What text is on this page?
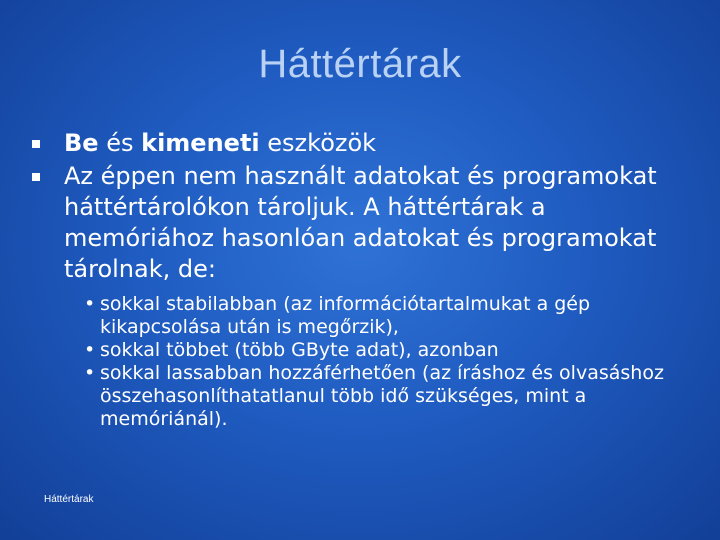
Háttértárak
Be és kimeneti eszközök
Az éppen nem használt adatokat és programokat háttértárolókon tároljuk. A háttértárak a memóriához hasonlóan adatokat és programokat tárolnak, de:
• sokkal stabilabban (az információtartalmukat a gép kikapcsolása után is megőrzik),
• sokkal többet (több GByte adat), azonban
• sokkal lassabban hozzáférhetően (az íráshoz és olvasáshoz összehasonlíthatatlanul több idő szükséges, mint a memóriánál).
Háttértárak
